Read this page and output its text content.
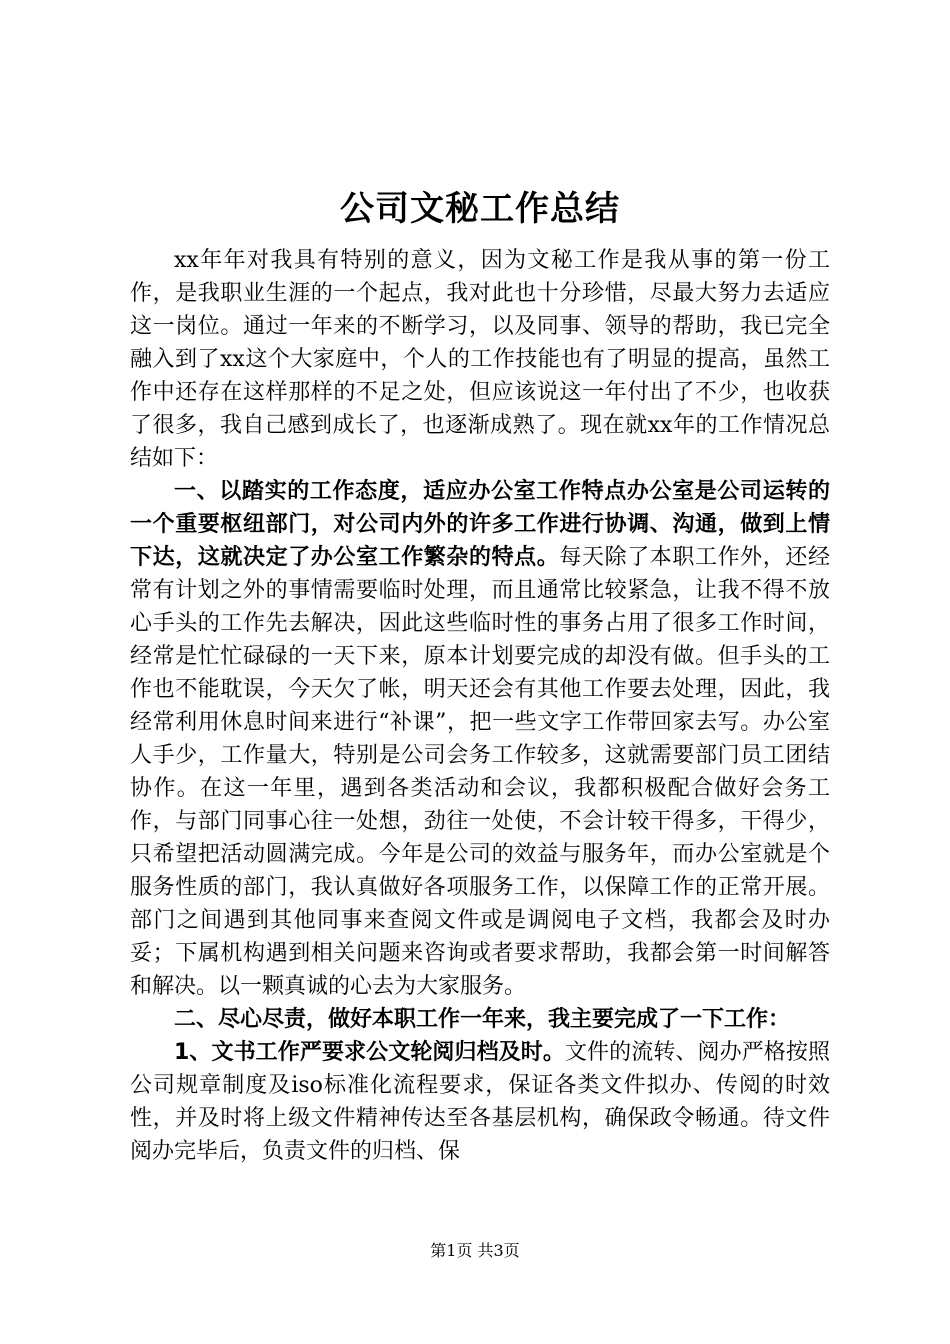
公司文秘工作总结

xx年年对我具有特别的意义，因为文秘工作是我从事的第一份工作，是我职业生涯的一个起点，我对此也十分珍惜，尽最大努力去适应这一岗位。通过一年来的不断学习，以及同事、领导的帮助，我已完全融入到了xx这个大家庭中，个人的工作技能也有了明显的提高，虽然工作中还存在这样那样的不足之处，但应该说这一年付出了不少，也收获了很多，我自己感到成长了，也逐渐成熟了。现在就xx年的工作情况总结如下：

一、以踏实的工作态度，适应办公室工作特点办公室是公司运转的一个重要枢纽部门，对公司内外的许多工作进行协调、沟通，做到上情下达，这就决定了办公室工作繁杂的特点。每天除了本职工作外，还经常有计划之外的事情需要临时处理，而且通常比较紧急，让我不得不放心手头的工作先去解决，因此这些临时性的事务占用了很多工作时间，经常是忙忙碌碌的一天下来，原本计划要完成的却没有做。但手头的工作也不能耽误，今天欠了帐，明天还会有其他工作要去处理，因此，我经常利用休息时间来进行“补课”，把一些文字工作带回家去写。办公室人手少，工作量大，特别是公司会务工作较多，这就需要部门员工团结协作。在这一年里，遇到各类活动和会议，我都积极配合做好会务工作，与部门同事心往一处想，劲往一处使，不会计较干得多，干得少，只希望把活动圆满完成。今年是公司的效益与服务年，而办公室就是个服务性质的部门，我认真做好各项服务工作，以保障工作的正常开展。部门之间遇到其他同事来查阅文件或是调阅电子文档，我都会及时办妥；下属机构遇到相关问题来咨询或者要求帮助，我都会第一时间解答和解决。以一颗真诚的心去为大家服务。

二、尽心尽责，做好本职工作一年来，我主要完成了一下工作：

1、文书工作严要求公文轮阅归档及时。文件的流转、阅办严格按照公司规章制度及iso标准化流程要求，保证各类文件拟办、传阅的时效性，并及时将上级文件精神传达至各基层机构，确保政令畅通。待文件阅办完毕后，负责文件的归档、保

第1页 共3页
